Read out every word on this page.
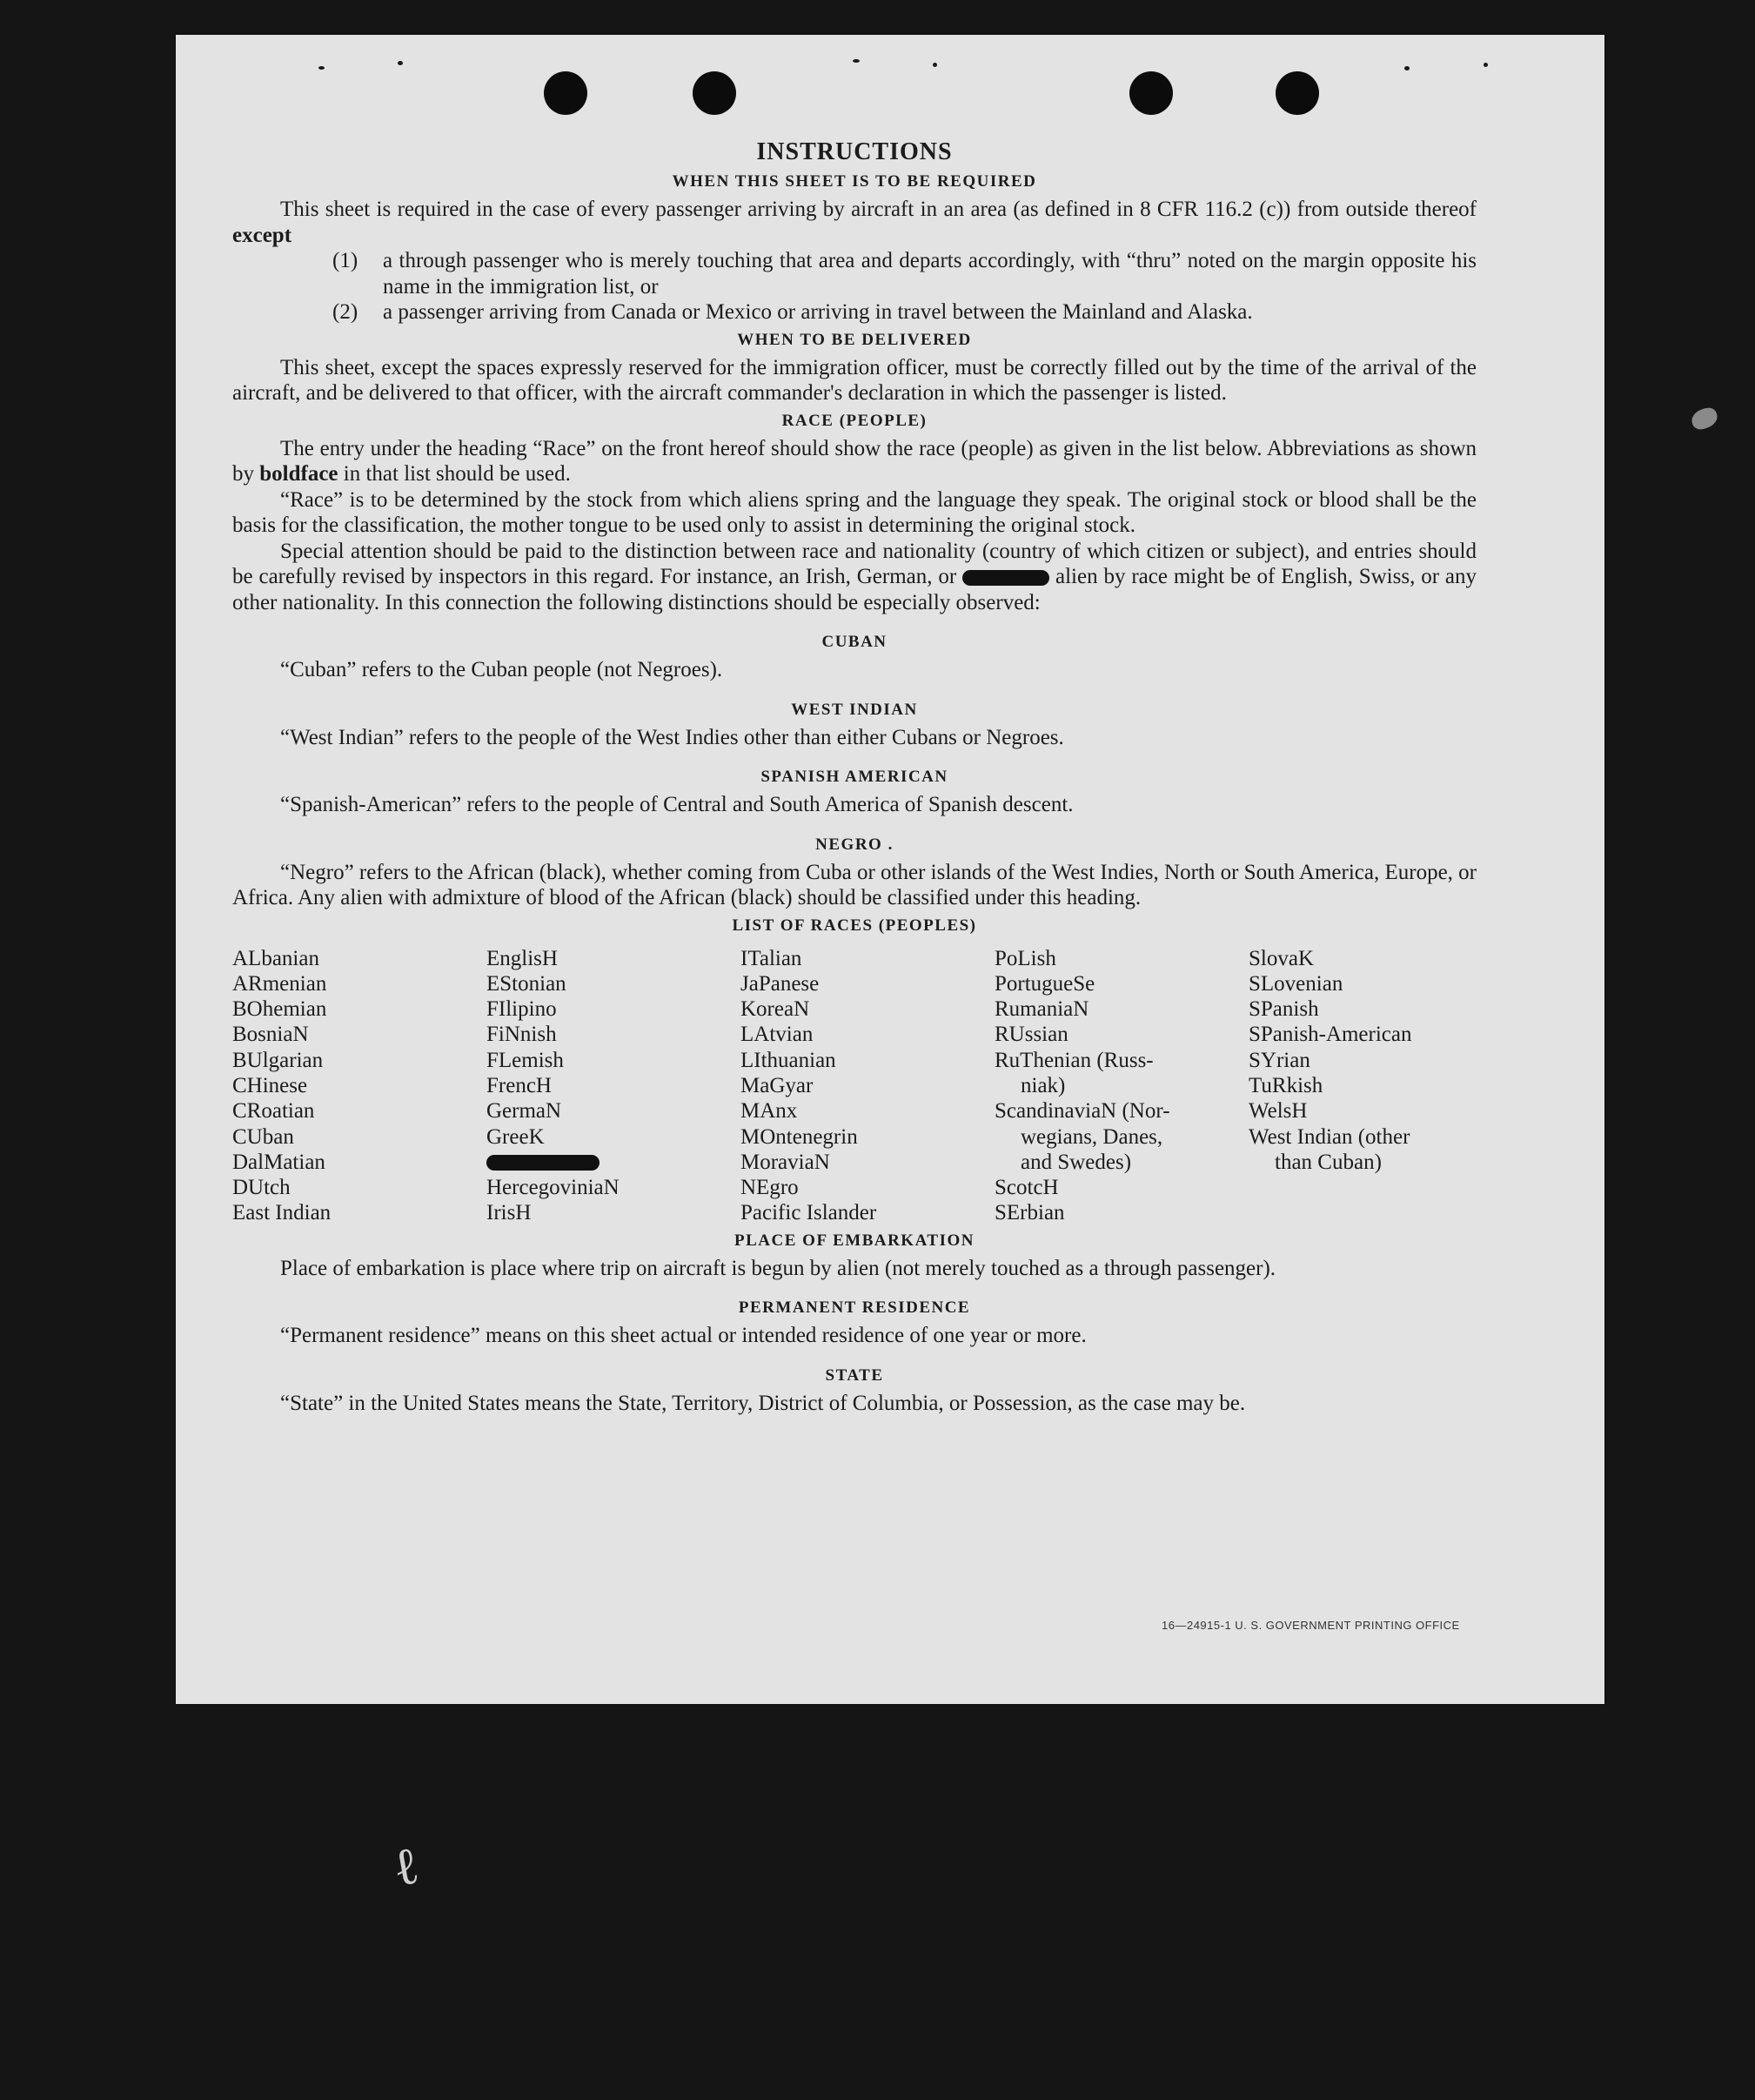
INSTRUCTIONS
WHEN THIS SHEET IS TO BE REQUIRED

This sheet is required in the case of every passenger arriving by aircraft in an area (as defined in 8 CFR 116.2 (c)) from outside thereof except

(1)	a through passenger who is merely touching that area and departs accordingly, with “thru” noted on the margin opposite his name in the immigration list, or
(2)	a passenger arriving from Canada or Mexico or arriving in travel between the Mainland and Alaska.
WHEN TO BE DELIVERED

This sheet, except the spaces expressly reserved for the immigration officer, must be correctly filled out by the time of the arrival of the aircraft, and be delivered to that officer, with the aircraft commander's declaration in which the passenger is listed.

RACE (PEOPLE)

The entry under the heading “Race” on the front hereof should show the race (people) as given in the list below. Abbreviations as shown by boldface in that list should be used.

“Race” is to be determined by the stock from which aliens spring and the language they speak. The original stock or blood shall be the basis for the classification, the mother tongue to be used only to assist in determining the original stock.

Special attention should be paid to the distinction between race and nationality (country of which citizen or subject), and entries should be carefully revised by inspectors in this regard. For instance, an Irish, German, or	alien by race might be of English, Swiss, or any other nationality. In this connection the following distinctions should be especially observed:

CUBAN

“Cuban” refers to the Cuban people (not Negroes).

WEST INDIAN

“West Indian” refers to the people of the West Indies other than either Cubans or Negroes.

SPANISH AMERICAN

“Spanish-American” refers to the people of Central and South America of Spanish descent.

NEGRO .

“Negro” refers to the African (black), whether coming from Cuba or other islands of the West Indies, North or South America, Europe, or Africa. Any alien with admixture of blood of the African (black) should be classified under this heading.

LIST OF RACES (PEOPLES)
ALbanian
ARmenian
BOhemian
BosniaN
BUlgarian
CHinese
CRoatian
CUban
DalMatian
DUtch
East Indian
EnglisH
EStonian
FIlipino
FiNnish
FLemish
FrencH
GermaN
GreeK
HercegoviniaN
IrisH
ITalian
JaPanese
KoreaN
LAtvian
LIthuanian
MaGyar
MAnx
MOntenegrin
MoraviaN
NEgro
Pacific Islander
PoLish
PortugueSe
RumaniaN
RUssian
RuThenian (Russ-
niak)
ScandinaviaN (Nor-
wegians, Danes,
and Swedes)
ScotcH
SErbian
SlovaK
SLovenian
SPanish
SPanish-American
SYrian
TuRkish
WelsH
West Indian (other
than Cuban)
PLACE OF EMBARKATION

Place of embarkation is place where trip on aircraft is begun by alien (not merely touched as a through passenger).

PERMANENT RESIDENCE

“Permanent residence” means on this sheet actual or intended residence of one year or more.

STATE

“State” in the United States means the State, Territory, District of Columbia, or Possession, as the case may be.

16—24915-1 U. S. GOVERNMENT PRINTING OFFICE
ℓ
